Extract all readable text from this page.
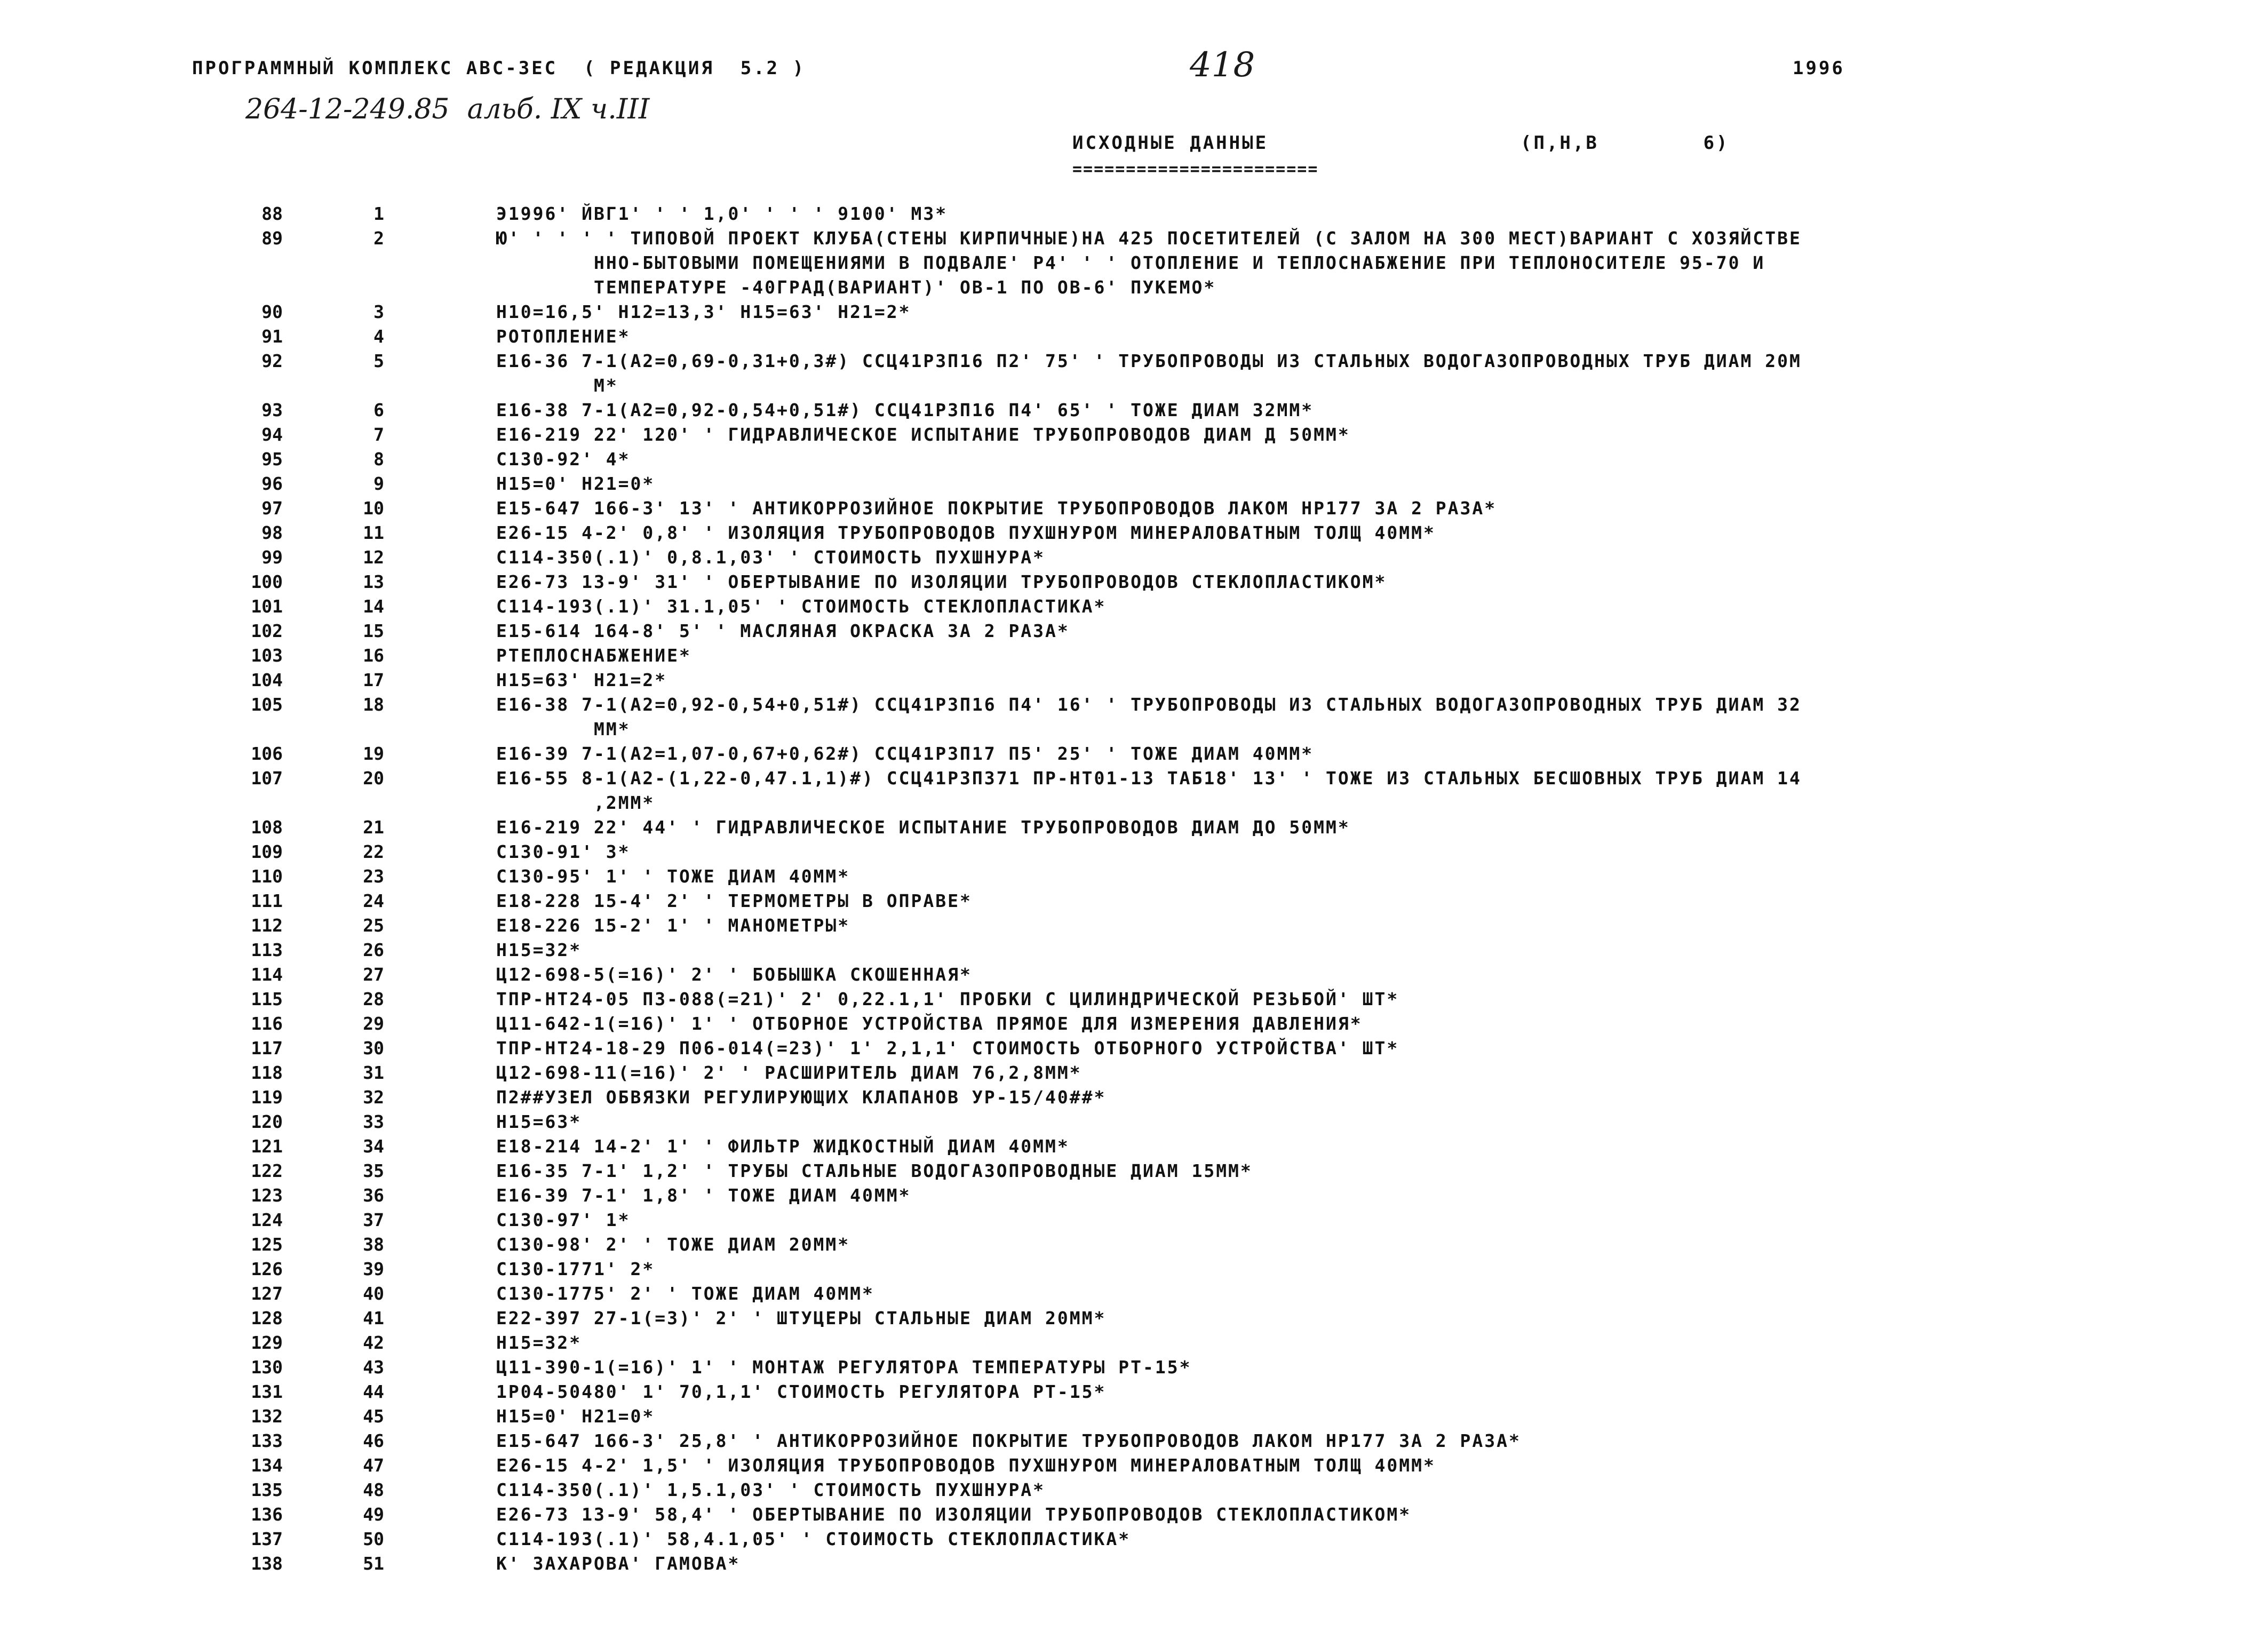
ПРОГРАММНЫЙ КОМПЛЕКС АВС-3ЕС  ( РЕДАКЦИЯ  5.2 )	418	1996
264-12-249.85  альб. IX ч.III
ИСХОДНЫЕ ДАННЫЕ	(П,Н,В        6)
=======================
88	1	Э1996' ЙВГ1' ' ' 1,0' ' ' ' 9100' М3*
89	2	Ю' ' ' ' ' ТИПОВОЙ ПРОЕКТ КЛУБА(СТЕНЫ КИРПИЧНЫЕ)НА 425 ПОСЕТИТЕЛЕЙ (С ЗАЛОМ НА 300 МЕСТ)ВАРИАНТ С ХОЗЯЙСТВЕ
ННО-БЫТОВЫМИ ПОМЕЩЕНИЯМИ В ПОДВАЛЕ' Р4' ' ' ОТОПЛЕНИЕ И ТЕПЛОСНАБЖЕНИЕ ПРИ ТЕПЛОНОСИТЕЛЕ 95-70 И
ТЕМПЕРАТУРЕ -40ГРАД(ВАРИАНТ)' ОВ-1 ПО ОВ-6' ПУКЕМО*
90	3	Н10=16,5' Н12=13,3' Н15=63' Н21=2*
91	4	РОТОПЛЕНИЕ*
92	5	Е16-36 7-1(А2=0,69-0,31+0,3#) ССЦ41Р3П16 П2' 75' ' ТРУБОПРОВОДЫ ИЗ СТАЛЬНЫХ ВОДОГАЗОПРОВОДНЫХ ТРУБ ДИАМ 20М
М*
93	6	Е16-38 7-1(А2=0,92-0,54+0,51#) ССЦ41Р3П16 П4' 65' ' ТОЖЕ ДИАМ 32ММ*
94	7	Е16-219 22' 120' ' ГИДРАВЛИЧЕСКОЕ ИСПЫТАНИЕ ТРУБОПРОВОДОВ ДИАМ Д 50ММ*
95	8	С130-92' 4*
96	9	Н15=0' Н21=0*
97	10	Е15-647 166-3' 13' ' АНТИКОРРОЗИЙНОЕ ПОКРЫТИЕ ТРУБОПРОВОДОВ ЛАКОМ НР177 ЗА 2 РАЗА*
98	11	Е26-15 4-2' 0,8' ' ИЗОЛЯЦИЯ ТРУБОПРОВОДОВ ПУХШНУРОМ МИНЕРАЛОВАТНЫМ ТОЛЩ 40ММ*
99	12	С114-350(.1)' 0,8.1,03' ' СТОИМОСТЬ ПУХШНУРА*
100	13	Е26-73 13-9' 31' ' ОБЕРТЫВАНИЕ ПО ИЗОЛЯЦИИ ТРУБОПРОВОДОВ СТЕКЛОПЛАСТИКОМ*
101	14	С114-193(.1)' 31.1,05' ' СТОИМОСТЬ СТЕКЛОПЛАСТИКА*
102	15	Е15-614 164-8' 5' ' МАСЛЯНАЯ ОКРАСКА ЗА 2 РАЗА*
103	16	РТЕПЛОСНАБЖЕНИЕ*
104	17	Н15=63' Н21=2*
105	18	Е16-38 7-1(А2=0,92-0,54+0,51#) ССЦ41Р3П16 П4' 16' ' ТРУБОПРОВОДЫ ИЗ СТАЛЬНЫХ ВОДОГАЗОПРОВОДНЫХ ТРУБ ДИАМ 32
ММ*
106	19	Е16-39 7-1(А2=1,07-0,67+0,62#) ССЦ41Р3П17 П5' 25' ' ТОЖЕ ДИАМ 40ММ*
107	20	Е16-55 8-1(А2-(1,22-0,47.1,1)#) ССЦ41Р3П371 ПР-НТ01-13 ТАБ18' 13' ' ТОЖЕ ИЗ СТАЛЬНЫХ БЕСШОВНЫХ ТРУБ ДИАМ 14
,2ММ*
108	21	Е16-219 22' 44' ' ГИДРАВЛИЧЕСКОЕ ИСПЫТАНИЕ ТРУБОПРОВОДОВ ДИАМ ДО 50ММ*
109	22	С130-91' 3*
110	23	С130-95' 1' ' ТОЖЕ ДИАМ 40ММ*
111	24	Е18-228 15-4' 2' ' ТЕРМОМЕТРЫ В ОПРАВЕ*
112	25	Е18-226 15-2' 1' ' МАНОМЕТРЫ*
113	26	Н15=32*
114	27	Ц12-698-5(=16)' 2' ' БОБЫШКА СКОШЕННАЯ*
115	28	ТПР-НТ24-05 П3-088(=21)' 2' 0,22.1,1' ПРОБКИ С ЦИЛИНДРИЧЕСКОЙ РЕЗЬБОЙ' ШТ*
116	29	Ц11-642-1(=16)' 1' ' ОТБОРНОЕ УСТРОЙСТВА ПРЯМОЕ ДЛЯ ИЗМЕРЕНИЯ ДАВЛЕНИЯ*
117	30	ТПР-НТ24-18-29 П06-014(=23)' 1' 2,1,1' СТОИМОСТЬ ОТБОРНОГО УСТРОЙСТВА' ШТ*
118	31	Ц12-698-11(=16)' 2' ' РАСШИРИТЕЛЬ ДИАМ 76,2,8ММ*
119	32	П2##УЗЕЛ ОБВЯЗКИ РЕГУЛИРУЮЩИХ КЛАПАНОВ УР-15/40##*
120	33	Н15=63*
121	34	Е18-214 14-2' 1' ' ФИЛЬТР ЖИДКОСТНЫЙ ДИАМ 40ММ*
122	35	Е16-35 7-1' 1,2' ' ТРУБЫ СТАЛЬНЫЕ ВОДОГАЗОПРОВОДНЫЕ ДИАМ 15ММ*
123	36	Е16-39 7-1' 1,8' ' ТОЖЕ ДИАМ 40ММ*
124	37	С130-97' 1*
125	38	С130-98' 2' ' ТОЖЕ ДИАМ 20ММ*
126	39	С130-1771' 2*
127	40	С130-1775' 2' ' ТОЖЕ ДИАМ 40ММ*
128	41	Е22-397 27-1(=3)' 2' ' ШТУЦЕРЫ СТАЛЬНЫЕ ДИАМ 20ММ*
129	42	Н15=32*
130	43	Ц11-390-1(=16)' 1' ' МОНТАЖ РЕГУЛЯТОРА ТЕМПЕРАТУРЫ РТ-15*
131	44	1Р04-50480' 1' 70,1,1' СТОИМОСТЬ РЕГУЛЯТОРА РТ-15*
132	45	Н15=0' Н21=0*
133	46	Е15-647 166-3' 25,8' ' АНТИКОРРОЗИЙНОЕ ПОКРЫТИЕ ТРУБОПРОВОДОВ ЛАКОМ НР177 ЗА 2 РАЗА*
134	47	Е26-15 4-2' 1,5' ' ИЗОЛЯЦИЯ ТРУБОПРОВОДОВ ПУХШНУРОМ МИНЕРАЛОВАТНЫМ ТОЛЩ 40ММ*
135	48	С114-350(.1)' 1,5.1,03' ' СТОИМОСТЬ ПУХШНУРА*
136	49	Е26-73 13-9' 58,4' ' ОБЕРТЫВАНИЕ ПО ИЗОЛЯЦИИ ТРУБОПРОВОДОВ СТЕКЛОПЛАСТИКОМ*
137	50	С114-193(.1)' 58,4.1,05' ' СТОИМОСТЬ СТЕКЛОПЛАСТИКА*
138	51	К' ЗАХАРОВА' ГАМОВА*
